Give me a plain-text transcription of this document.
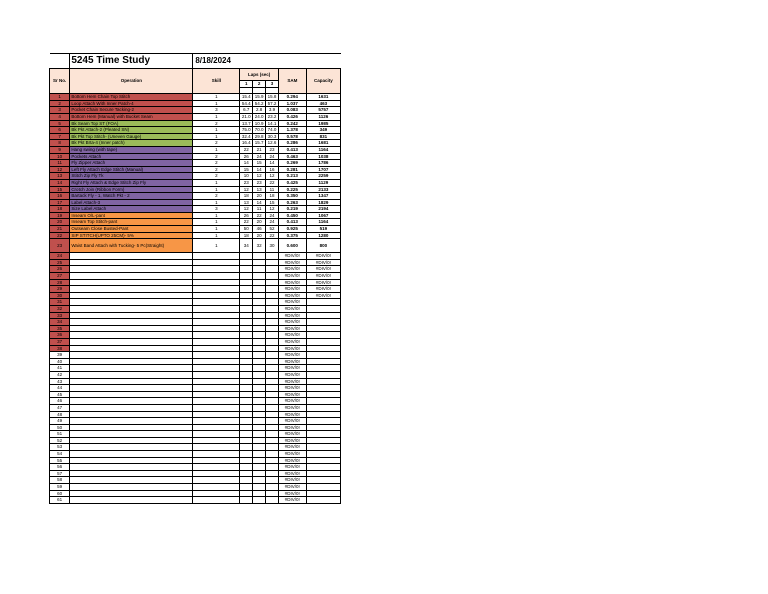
	5245 Time Study	8/18/2024					
Sr No.	Operation	Skill	Laps (sec)			SAM	Capacity
			1	2	3		

1	Bottom Hem Chain Top Stitch	1	15.4	15.9	15.8	0.294	1631
2	Loop Attach With Inner Patch-4	1	54.4	54.2	57.2	1.037	463
3	Pocket Chain Secure Tacking-2	3	6.7	2.8	3.9	0.083	5757
4	Bottom Hem (Manual) with Bucket Seam	1	21.0	24.0	23.2	0.426	1126
5	Bk Seam Top ST (FOA)	2	13.7	10.9	14.1	0.242	1985
6	Bk Pkt Attach-2 (Pleated SN)	1	75.0	70.0	74.0	1.378	349
7	Bk Pkt Top Stitch- (Uneven Gauge)	1	32.4	29.8	30.3	0.578	831
8	Bk Pkt Brta-4 (Inner patch)	2	16.4	15.7	12.6	0.286	1681
9	Hang swing (with tape)	1	22	21	23	0.413	1164
10	Pockets Attach	2	26	24	24	0.463	1038
11	Fly Zipper Attach	2	14	15	14	0.269	1786
12	Left Fly Attach Edge Stitch (Manual)	2	15	14	16	0.281	1707
13	Stitch Zip Fly Tk	2	10	12	12	0.213	2259
14	Right Fly Attach & Edge Stitch Zip Fly	1	23	23	22	0.425	1129
15	Crotch Join (Ribbon Form)	1	12	13	11	0.225	2133
16	Bartack Fly - 1, Watch Pkt - 2	2	18	20	18	0.350	1347
17	Label Attach-3	1	13	14	15	0.263	1829
18	Size Label Attach	3	12	11	12	0.219	2194
19	Inseam O/L-pant	1	26	22	24	0.450	1067
20	Inseam Top Stitch-pant	1	22	20	24	0.413	1164
21	Outseam Close Busted-Pant	1	50	46	52	0.925	519
22	SIP STITCH(UPTO 25CM)- 5%	1	18	20	22	0.375	1280
23	Waist Band Attach with Tucking- 5 Pc(Straight)	1	34	32	30	0.600	800
24						#DIV/0!	#DIV/0!
25						#DIV/0!	#DIV/0!
26						#DIV/0!	#DIV/0!
27						#DIV/0!	#DIV/0!
28						#DIV/0!	#DIV/0!
29						#DIV/0!	#DIV/0!
30						#DIV/0!	#DIV/0!
31						#DIV/0!	
32						#DIV/0!	
33						#DIV/0!	
34						#DIV/0!	
35						#DIV/0!	
36						#DIV/0!	
37						#DIV/0!	
38						#DIV/0!	
39						#DIV/0!	
40						#DIV/0!	
41						#DIV/0!	
42						#DIV/0!	
43						#DIV/0!	
44						#DIV/0!	
45						#DIV/0!	
46						#DIV/0!	
47						#DIV/0!	
48						#DIV/0!	
49						#DIV/0!	
50						#DIV/0!	
51						#DIV/0!	
52						#DIV/0!	
53						#DIV/0!	
54						#DIV/0!	
55						#DIV/0!	
56						#DIV/0!	
57						#DIV/0!	
58						#DIV/0!	
59						#DIV/0!	
60						#DIV/0!	
61						#DIV/0!	
